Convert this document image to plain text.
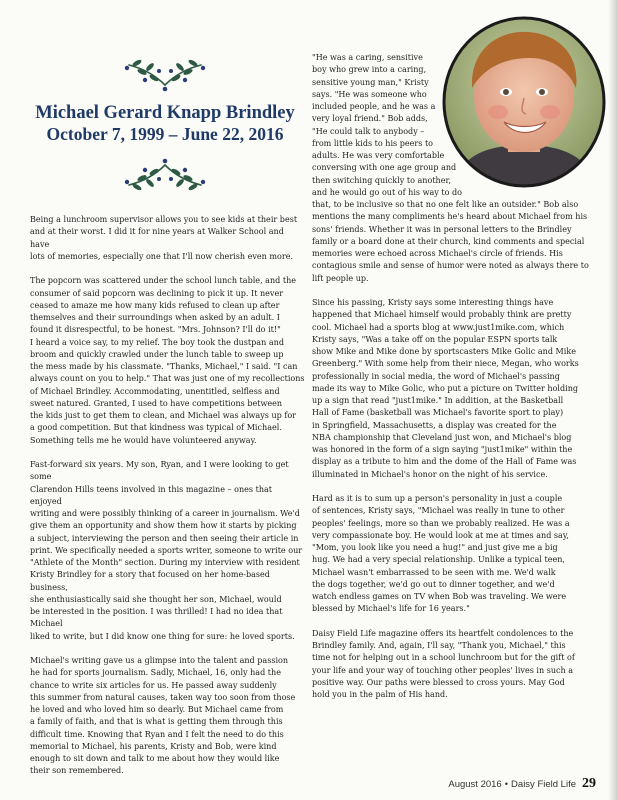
Michael Gerard Knapp Brindley
October 7, 1999 – June 22, 2016

Being a lunchroom supervisor allows you to see kids at their best
and at their worst. I did it for nine years at Walker School and have
lots of memories, especially one that I'll now cherish even more.

The popcorn was scattered under the school lunch table, and the
consumer of said popcorn was declining to pick it up. It never
ceased to amaze me how many kids refused to clean up after
themselves and their surroundings when asked by an adult. I
found it disrespectful, to be honest. "Mrs. Johnson? I'll do it!"
I heard a voice say, to my relief. The boy took the dustpan and
broom and quickly crawled under the lunch table to sweep up
the mess made by his classmate. "Thanks, Michael," I said. "I can
always count on you to help." That was just one of my recollections
of Michael Brindley. Accommodating, unentitled, selfless and
sweet natured. Granted, I used to have competitions between
the kids just to get them to clean, and Michael was always up for
a good competition. But that kindness was typical of Michael.
Something tells me he would have volunteered anyway.

Fast-forward six years. My son, Ryan, and I were looking to get some
Clarendon Hills teens involved in this magazine – ones that enjoyed
writing and were possibly thinking of a career in journalism. We'd
give them an opportunity and show them how it starts by picking
a subject, interviewing the person and then seeing their article in
print. We specifically needed a sports writer, someone to write our
"Athlete of the Month" section. During my interview with resident
Kristy Brindley for a story that focused on her home-based business,
she enthusiastically said she thought her son, Michael, would
be interested in the position. I was thrilled! I had no idea that Michael
liked to write, but I did know one thing for sure: he loved sports.

Michael's writing gave us a glimpse into the talent and passion
he had for sports journalism. Sadly, Michael, 16, only had the
chance to write six articles for us. He passed away suddenly
this summer from natural causes, taken way too soon from those
he loved and who loved him so dearly. But Michael came from
a family of faith, and that is what is getting them through this
difficult time. Knowing that Ryan and I felt the need to do this
memorial to Michael, his parents, Kristy and Bob, were kind
enough to sit down and talk to me about how they would like
their son remembered.

"He was a caring, sensitive
boy who grew into a caring,
sensitive young man," Kristy
says. "He was someone who
included people, and he was a
very loyal friend." Bob adds,
"He could talk to anybody –
from little kids to his peers to
adults. He was very comfortable
conversing with one age group and
then switching quickly to another,
and he would go out of his way to do
that, to be inclusive so that no one felt like an outsider." Bob also
mentions the many compliments he's heard about Michael from his
sons' friends. Whether it was in personal letters to the Brindley
family or a board done at their church, kind comments and special
memories were echoed across Michael's circle of friends. His
contagious smile and sense of humor were noted as always there to
lift people up.

Since his passing, Kristy says some interesting things have
happened that Michael himself would probably think are pretty
cool. Michael had a sports blog at www.just1mike.com, which
Kristy says, "Was a take off on the popular ESPN sports talk
show Mike and Mike done by sportscasters Mike Golic and Mike
Greenberg." With some help from their niece, Megan, who works
professionally in social media, the word of Michael's passing
made its way to Mike Golic, who put a picture on Twitter holding
up a sign that read "just1mike." In addition, at the Basketball
Hall of Fame (basketball was Michael's favorite sport to play)
in Springfield, Massachusetts, a display was created for the
NBA championship that Cleveland just won, and Michael's blog
was honored in the form of a sign saying "just1mike" within the
display as a tribute to him and the dome of the Hall of Fame was
illuminated in Michael's honor on the night of his service.

Hard as it is to sum up a person's personality in just a couple
of sentences, Kristy says, "Michael was really in tune to other
peoples' feelings, more so than we probably realized. He was a
very compassionate boy. He would look at me at times and say,
"Mom, you look like you need a hug!" and just give me a big
hug. We had a very special relationship. Unlike a typical teen,
Michael wasn't embarrassed to be seen with me. We'd walk
the dogs together, we'd go out to dinner together, and we'd
watch endless games on TV when Bob was traveling. We were
blessed by Michael's life for 16 years."

Daisy Field Life magazine offers its heartfelt condolences to the
Brindley family. And, again, I'll say, "Thank you, Michael," this
time not for helping out in a school lunchroom but for the gift of
your life and your way of touching other peoples' lives in such a
positive way. Our paths were blessed to cross yours. May God
hold you in the palm of His hand.

August 2016 • Daisy Field Life 29
